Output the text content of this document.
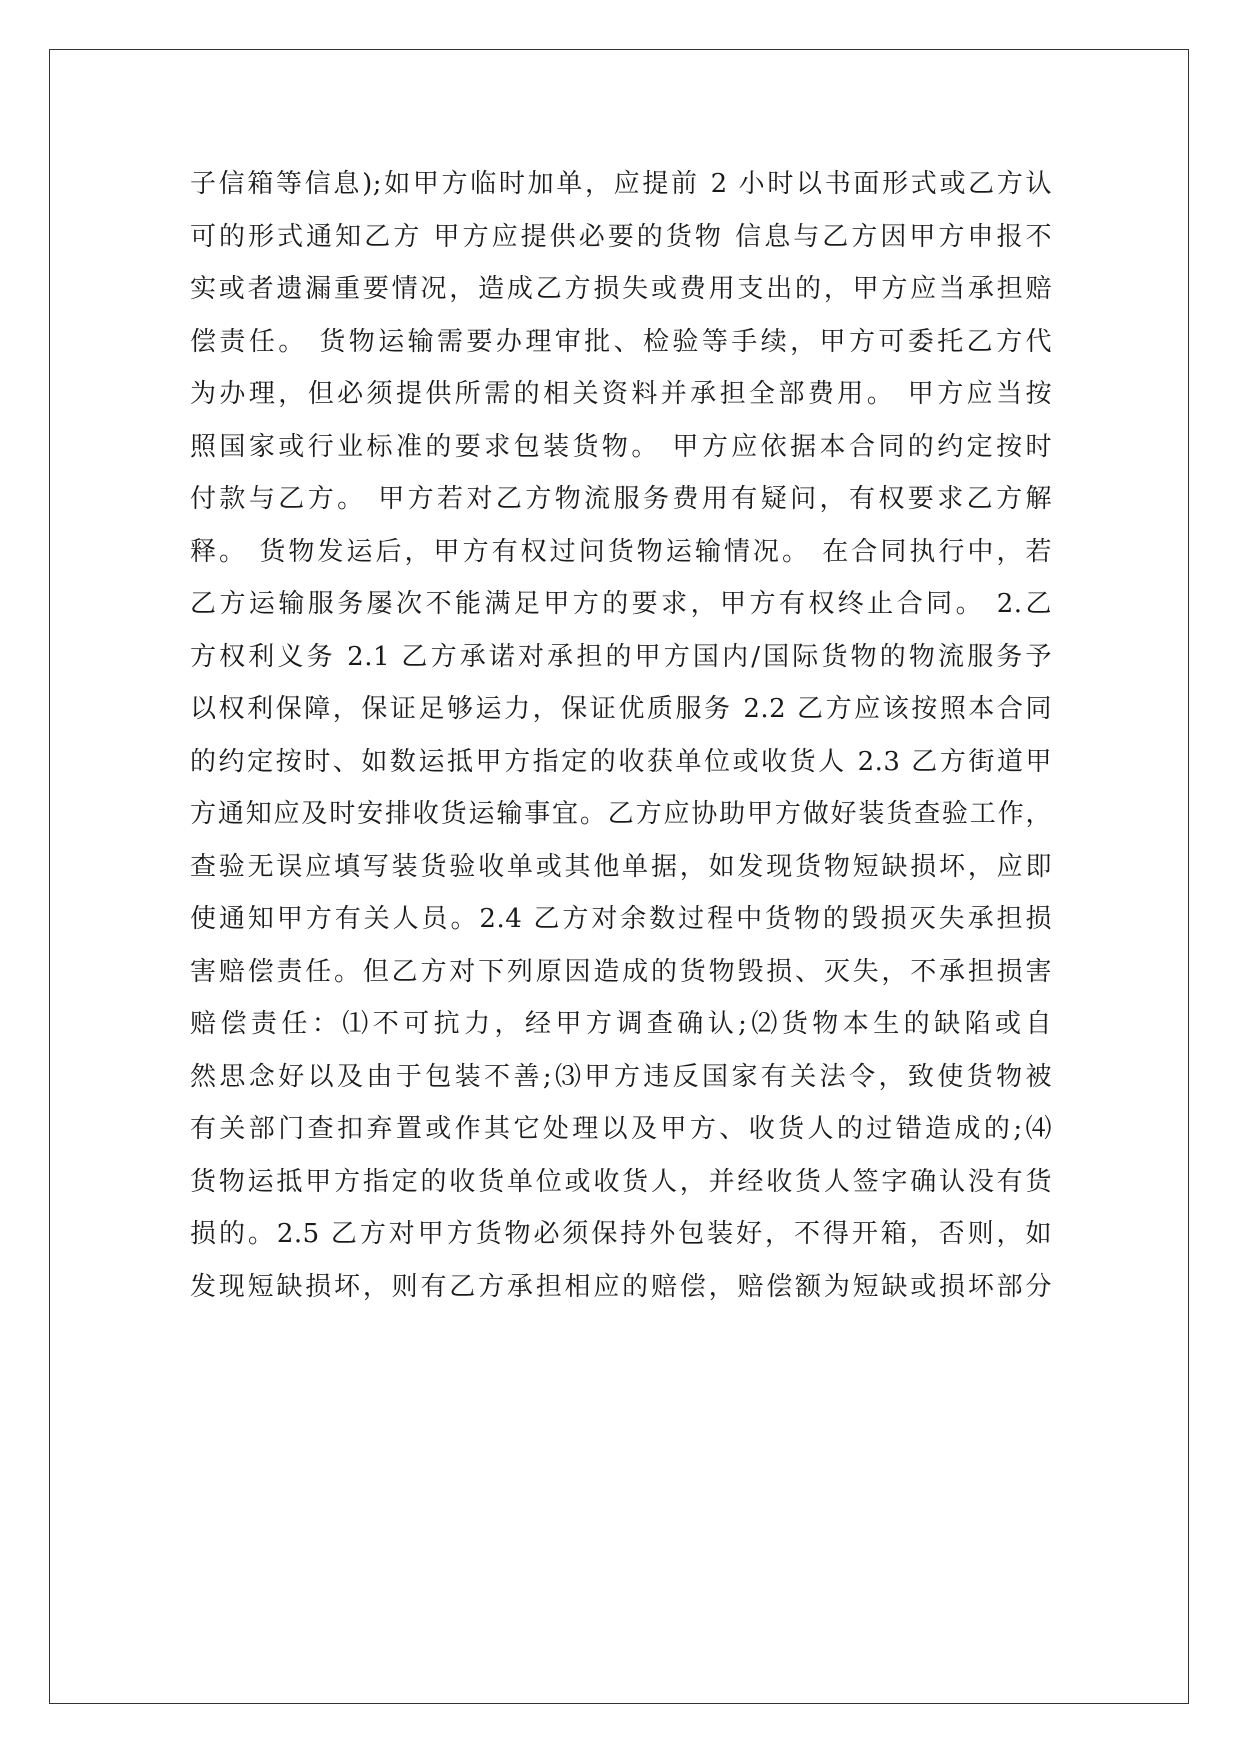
子信箱等信息);如甲方临时加单，应提前 2 小时以书面形式或乙方认
可的形式通知乙方 甲方应提供必要的货物 信息与乙方因甲方申报不
实或者遗漏重要情况，造成乙方损失或费用支出的，甲方应当承担赔
偿责任。 货物运输需要办理审批、检验等手续，甲方可委托乙方代
为办理，但必须提供所需的相关资料并承担全部费用。 甲方应当按
照国家或行业标准的要求包装货物。 甲方应依据本合同的约定按时
付款与乙方。 甲方若对乙方物流服务费用有疑问，有权要求乙方解
释。 货物发运后，甲方有权过问货物运输情况。 在合同执行中，若
乙方运输服务屡次不能满足甲方的要求，甲方有权终止合同。 2.乙
方权利义务 2.1 乙方承诺对承担的甲方国内/国际货物的物流服务予
以权利保障，保证足够运力，保证优质服务 2.2 乙方应该按照本合同
的约定按时、如数运抵甲方指定的收获单位或收货人 2.3 乙方街道甲
方通知应及时安排收货运输事宜。乙方应协助甲方做好装货查验工作，
查验无误应填写装货验收单或其他单据，如发现货物短缺损坏，应即
使通知甲方有关人员。2.4 乙方对余数过程中货物的毁损灭失承担损
害赔偿责任。但乙方对下列原因造成的货物毁损、灭失，不承担损害
赔偿责任：⑴不可抗力，经甲方调查确认;⑵货物本生的缺陷或自
然思念好以及由于包装不善;⑶甲方违反国家有关法令，致使货物被
有关部门查扣弃置或作其它处理以及甲方、收货人的过错造成的;⑷
货物运抵甲方指定的收货单位或收货人，并经收货人签字确认没有货
损的。2.5 乙方对甲方货物必须保持外包装好，不得开箱，否则，如
发现短缺损坏，则有乙方承担相应的赔偿，赔偿额为短缺或损坏部分
